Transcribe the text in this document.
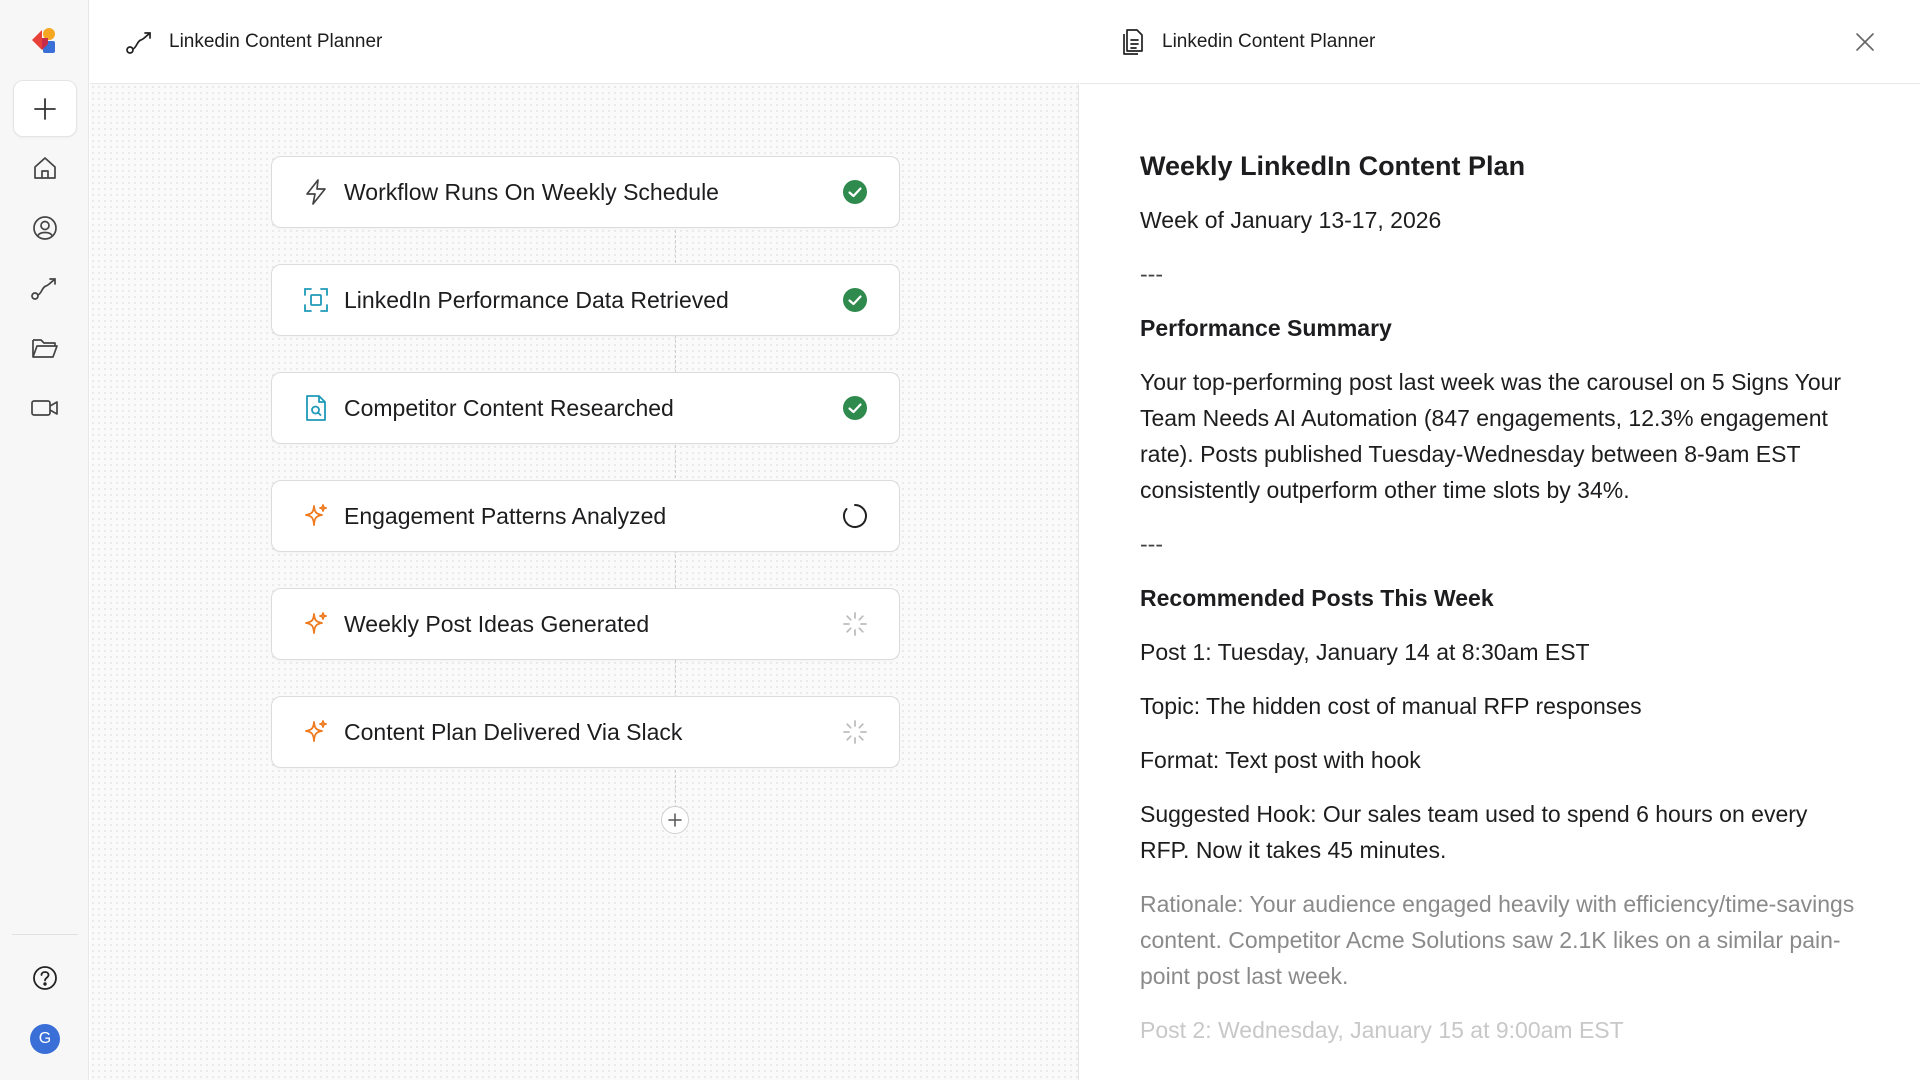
G
Linkedin Content Planner
Workflow Runs On Weekly Schedule
LinkedIn Performance Data Retrieved
Competitor Content Researched
Engagement Patterns Analyzed
Weekly Post Ideas Generated
Content Plan Delivered Via Slack
Linkedin Content Planner
Weekly LinkedIn Content Plan

Week of January 13-17, 2026

---

Performance Summary

Your top-performing post last week was the carousel on 5 Signs Your Team Needs AI Automation (847 engagements, 12.3% engagement rate). Posts published Tuesday-Wednesday between 8-9am EST consistently outperform other time slots by 34%.

---

Recommended Posts This Week

Post 1: Tuesday, January 14 at 8:30am EST

Topic: The hidden cost of manual RFP responses

Format: Text post with hook

Suggested Hook: Our sales team used to spend 6 hours on every RFP. Now it takes 45 minutes.

Rationale: Your audience engaged heavily with efficiency/time-savings content. Competitor Acme Solutions saw 2.1K likes on a similar pain-point post last week.

Post 2: Wednesday, January 15 at 9:00am EST
